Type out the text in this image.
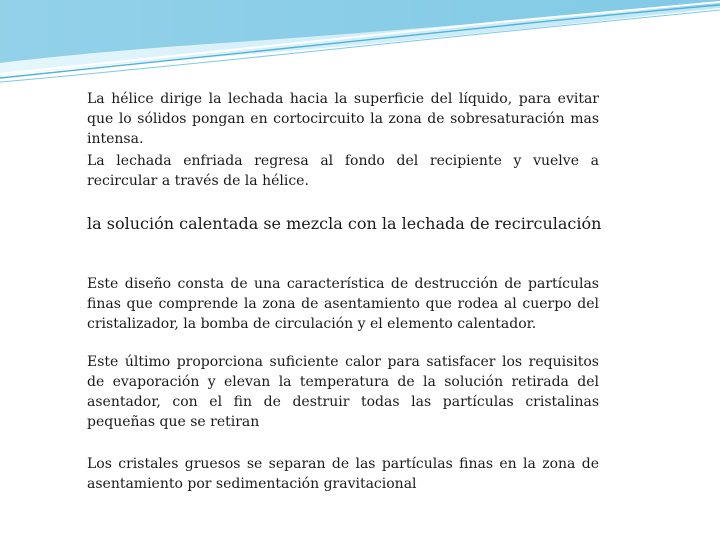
La hélice dirige la lechada hacia la superficie del líquido, para evitar que lo sólidos pongan en cortocircuito la zona de sobresaturación mas intensa.

La lechada enfriada regresa al fondo del recipiente y vuelve a recircular a través de la hélice.

la solución calentada se mezcla con la lechada de recirculación

Este diseño consta de una característica de destrucción de partículas finas que comprende la zona de asentamiento que rodea al cuerpo del cristalizador, la bomba de circulación y el elemento calentador.

Este último proporciona suficiente calor para satisfacer los requisitos de evaporación y elevan la temperatura de la solución retirada del asentador, con el fin de destruir todas las partículas cristalinas pequeñas que se retiran

Los cristales gruesos se separan de las partículas finas en la zona de asentamiento por sedimentación gravitacional
